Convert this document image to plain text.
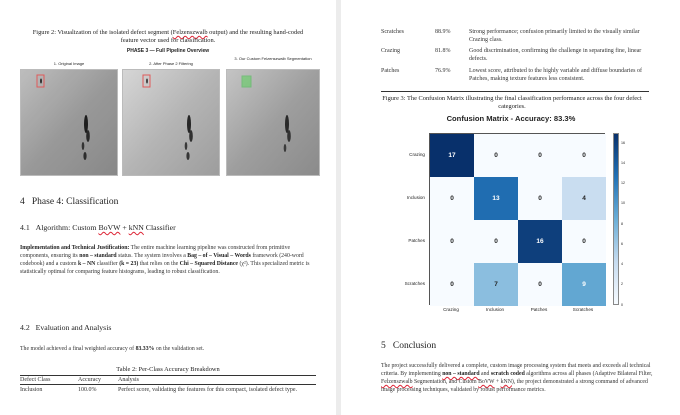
Figure 2: Visualization of the isolated defect segment (Felzenszwalb output) and the resulting hand-coded feature vector used for classification.
PHASE 3 — Full Pipeline Overview
1. Original Image	2. After Phase 2 Filtering
3. Our Custom Felzenszwalb Segmentation
4 Phase 4: Classification
4.1 Algorithm: Custom BoVW + kNN Classifier
Implementation and Technical Justification: The entire machine learning pipeline was constructed from primitive components, ensuring its non – standard status. The system involves a Bag – of – Visual – Words framework (240-word codebook) and a custom k – NN classifier (k = 23) that relies on the Chi – Squared Distance (χ²). This specialized metric is statistically optimal for comparing feature histograms, leading to robust classification.
4.2 Evaluation and Analysis
The model achieved a final weighted accuracy of 83.33% on the validation set.
Table 2: Per-Class Accuracy Breakdown
Defect Class	Accuracy	Analysis
Inclusion	100.0%	Perfect score, validating the features for this compact, isolated defect type.
Scratches	88.9%	Strong performance; confusion primarily limited to the visually similar Crazing class.
Crazing	81.8%	Good discrimination, confirming the challenge in separating fine, linear defects.
Patches	76.9%	Lowest score, attributed to the highly variable and diffuse boundaries of Patches, making texture features less consistent.
Figure 3: The Confusion Matrix illustrating the final classification performance across the four defect categories.
Confusion Matrix - Accuracy: 83.3%
17	0	0	0
0	13	0	4
0	0	16	0
0	7	0	9
Crazing
Inclusion
Patches
Scratches
Crazing	Inclusion	Patches	Scratches
16
14
12
10
8
6
4
2
0
5 Conclusion
The project successfully delivered a complete, custom image processing system that meets and exceeds all technical criteria. By implementing non – standard and scratch coded algorithms across all phases (Adaptive Bilateral Filter, Felzenszwalb Segmentation, and Custom BoVW + kNN), the project demonstrated a strong command of advanced image processing techniques, validated by robust performance metrics.
